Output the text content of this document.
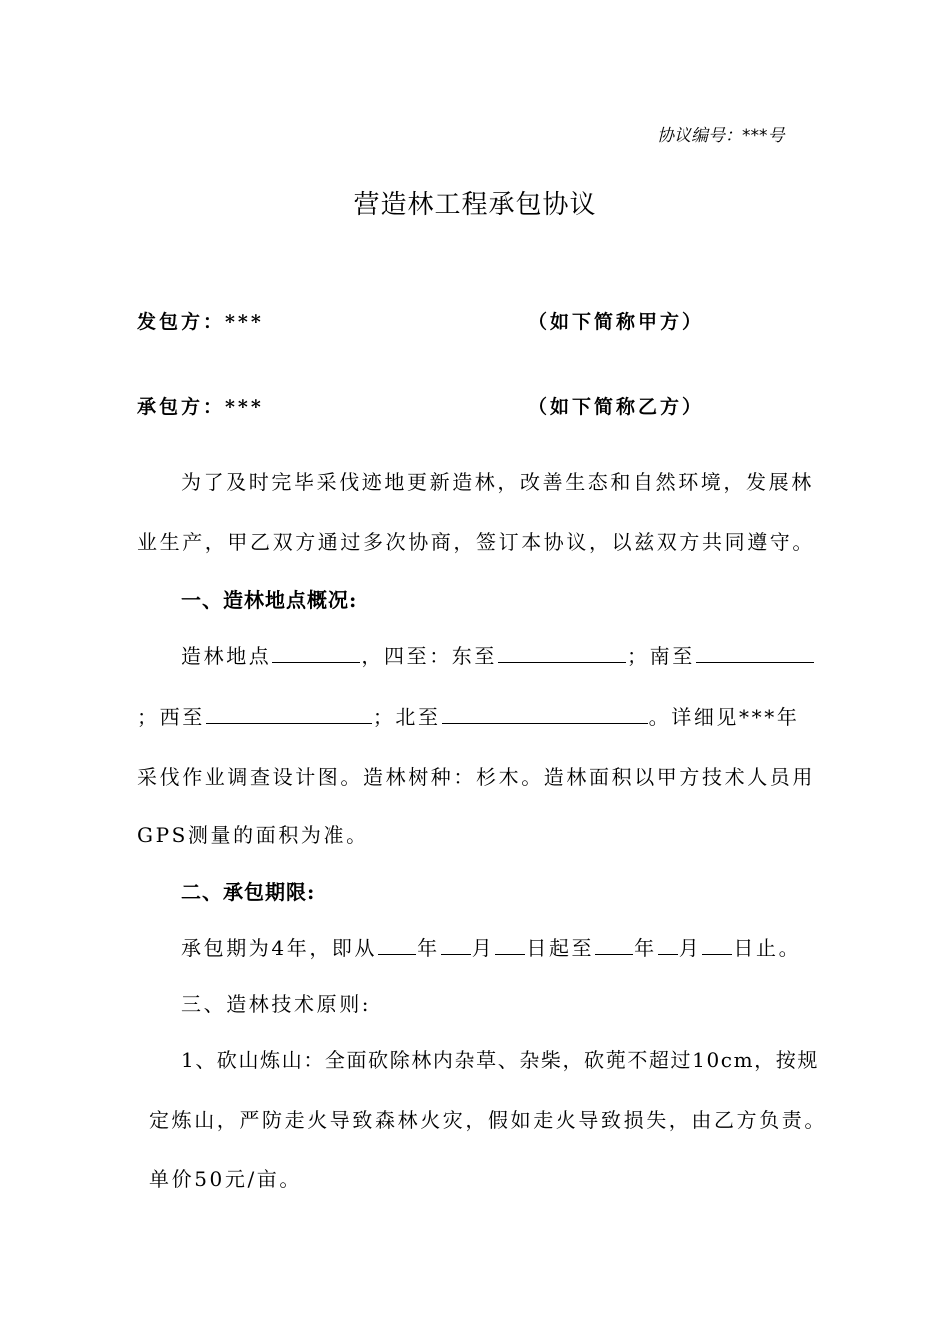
协议编号：***号
营造林工程承包协议
发包方：***	（如下简称甲方）
承包方：***	（如下简称乙方）
为了及时完毕采伐迹地更新造林，改善生态和自然环境，发展林
业生产，甲乙双方通过多次协商，签订本协议，以兹双方共同遵守。
一、造林地点概况:
造林地点	，四至：东至	；南至
；西至	；北至	。详细见***年
采伐作业调查设计图。造林树种：杉木。造林面积以甲方技术人员用
GPS测量的面积为准。
二、承包期限:
承包期为4年，即从 年 月 日起至 年 月 日止。
三、造林技术原则:
1、砍山炼山：全面砍除林内杂草、杂柴，砍蔸不超过10cm，按规
定炼山，严防走火导致森林火灾，假如走火导致损失，由乙方负责。
单价50元/亩。
